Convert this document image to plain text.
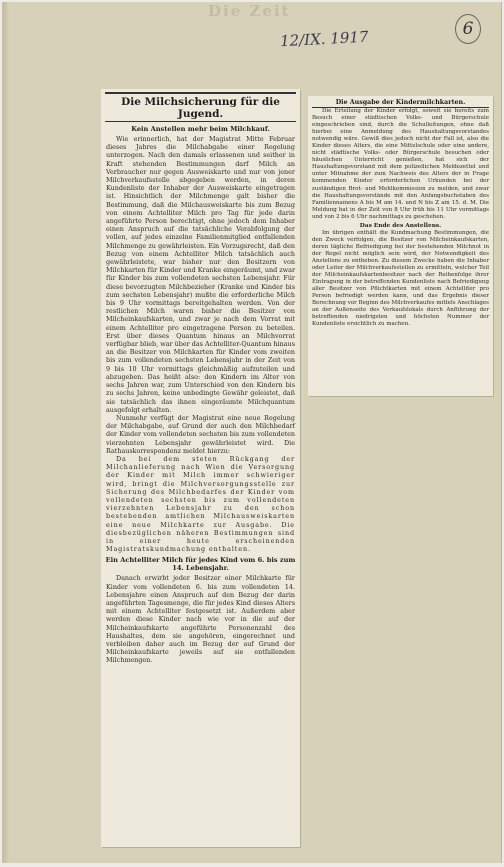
Die Zeit
12/IX. 1917	6
Die Milchsicherung für die Jugend.
Kein Anstellen mehr beim Milchkauf.
Wie erinnerlich, hat der Magistrat Mitte Februar dieses Jahres die Milchabgabe einer Regelung unterzogen. Nach den damals erlassenen und seither in Kraft stehenden Bestimmungen darf Milch an Verbraucher nur gegen Ausweiskarte und nur von jener Milchverkaufsstelle abgegeben werden, in deren Kundenliste der Inhaber der Ausweiskarte eingetragen ist. Hinsichtlich der Milchmenge galt bisher die Bestimmung, daß die Milchausweiskarte bis zum Bezug von einem Achtelliter Milch pro Tag für jede darin angeführte Person berechtigt, ohne jedoch dem Inhaber einen Anspruch auf die tatsächliche Verabfolgung der vollen, auf jedes einzelne Familienmitglied entfallenden Milchmenge zu gewährleisten. Ein Vorzugsrecht, daß den Bezug von einem Achtelliter Milch tatsächlich auch gewährleistete, war bisher nur den Besitzern von Milchkarten für Kinder und Kranke eingeräumt, und zwar für Kinder bis zum vollendeten sechsten Lebensjahr. Für diese bevorzugten Milchbezieher (Kranke und Kinder bis zum sechsten Lebensjahr) mußte die erforderliche Milch bis 9 Uhr vormittags bereitgehalten werden. Von der restlichen Milch waren bisher die Besitzer von Milcheinkaufskarten, und zwar je nach dem Vorrat mit einem Achtelliter pro eingetragene Person zu beteilen. Erst über dieses Quantum hinaus an Milchvorrat verfügbar blieb, war über das Achtelliter-Quantum hinaus an die Besitzer von Milchkarten für Kinder vom zweiten bis zum vollendeten sechsten Lebensjahr in der Zeit von 9 bis 10 Uhr vormittags gleichmäßig aufzuteilen und abzugeben. Das heißt also: den Kindern im Alter von sechs Jahren war, zum Unterschied von den Kindern bis zu sechs Jahren, keine unbedingte Gewähr geleistet, daß sie tatsächlich das ihnen eingeräumte Milchquantum ausgefolgt erhalten.
Nunmehr verfügt der Magistrat eine neue Regelung der Milchabgabe, auf Grund der auch den Milchbedarf der Kinder vom vollendeten sechsten bis zum vollendeten vierzehnten Lebensjahr gewährleistet wird. Die Rathauskorrespondenz meldet hierzu:
Da bei dem steten Rückgang der Milchanlieferung nach Wien die Versorgung der Kinder mit Milch immer schwieriger wird, bringt die Milchversorgungsstelle zur Sicherung des Milchbedarfes der Kinder vom vollendeten sechsten bis zum vollendeten vierzehnten Lebensjahr zu den schon bestehenden amtlichen Milchausweiskarten eine neue Milchkarte zur Ausgabe. Die diesbezüglichen näheren Bestimmungen sind in einer heute erscheinenden Magistratskundmachung enthalten.
Ein Achtelliter Milch für jedes Kind vom 6. bis zum 14. Lebensjahr.
Danach erwirbt jeder Besitzer einer Milchkarte für Kinder vom vollendeten 6. bis zum vollendeten 14. Lebensjahre einen Anspruch auf den Bezug der darin angeführten Tagesmenge, die für jedes Kind dieses Alters mit einem Achtelliter festgesetzt ist. Außerdem aber werden diese Kinder nach wie vor in die auf der Milcheinkaufskarte angeführte Personenzahl des Haushaltes, dem sie angehören, eingerechnet und verbleiben daher auch im Bezug der auf Grund der Milcheinkaufskarte jeweils auf sie entfallenden Milchmengen.
Die Ausgabe der Kindermilchkarten.
Die Erteilung der Kinder erfolgt, soweit sie bereits zum Besuch einer städtischen Volks- und Bürgerschule eingeschrieben sind, durch die Schulleitungen, ohne daß hierbei eine Anmeldung des Haushaltungsvorstandes notwendig wäre. Gewiß dies jedoch nicht der Fall ist, also die Kinder dieses Alters, die eine Mittelschule oder eine andere, nicht städtische Volks- oder Bürgerschule besuchen oder häuslichen Unterricht genießen, hat sich der Haushaltungsvorstand mit dem polizeilichen Meldezettel und unter Mitnahme der zum Nachweis des Alters der in Frage kommenden Kinder erforderlichen Urkunden bei der zuständigen Brot- und Mehlkommission zu melden, und zwar die Haushaltungsvorstände mit den Anfangsbuchstaben des Familiennamens A bis M am 14. und N bis Z am 15. d. M. Die Meldung hat in der Zeit von 8 Uhr früh bis 11 Uhr vormittags und von 2 bis 6 Uhr nachmittags zu geschehen.
Das Ende des Anstellens.
Im übrigen enthält die Kundmachung Bestimmungen, die den Zweck verfolgen, die Besitzer von Milcheinkaufskarten, deren tägliche Befriedigung bei der bestehenden Milchnot in der Regel nicht möglich sein wird, der Notwendigkeit des Anstellens zu entheben. Zu diesem Zwecke haben die Inhaber oder Leiter der Milchverkaufsstellen zu ermitteln, welcher Teil der Milcheinkaufskartenbesitzer nach der Reihenfolge ihrer Eintragung in der betreffenden Kundenliste nach Befriedigung aller Besitzer von Pflichtkarten mit einem Achtelliter pro Person befriedigt werden kann, und das Ergebnis dieser Berechnung vor Beginn des Milchverkaufes mittels Anschlages an der Außenseite des Verkaufslokals durch Anführung der betreffenden niedrigsten und höchsten Nummer der Kundenliste ersichtlich zu machen.
